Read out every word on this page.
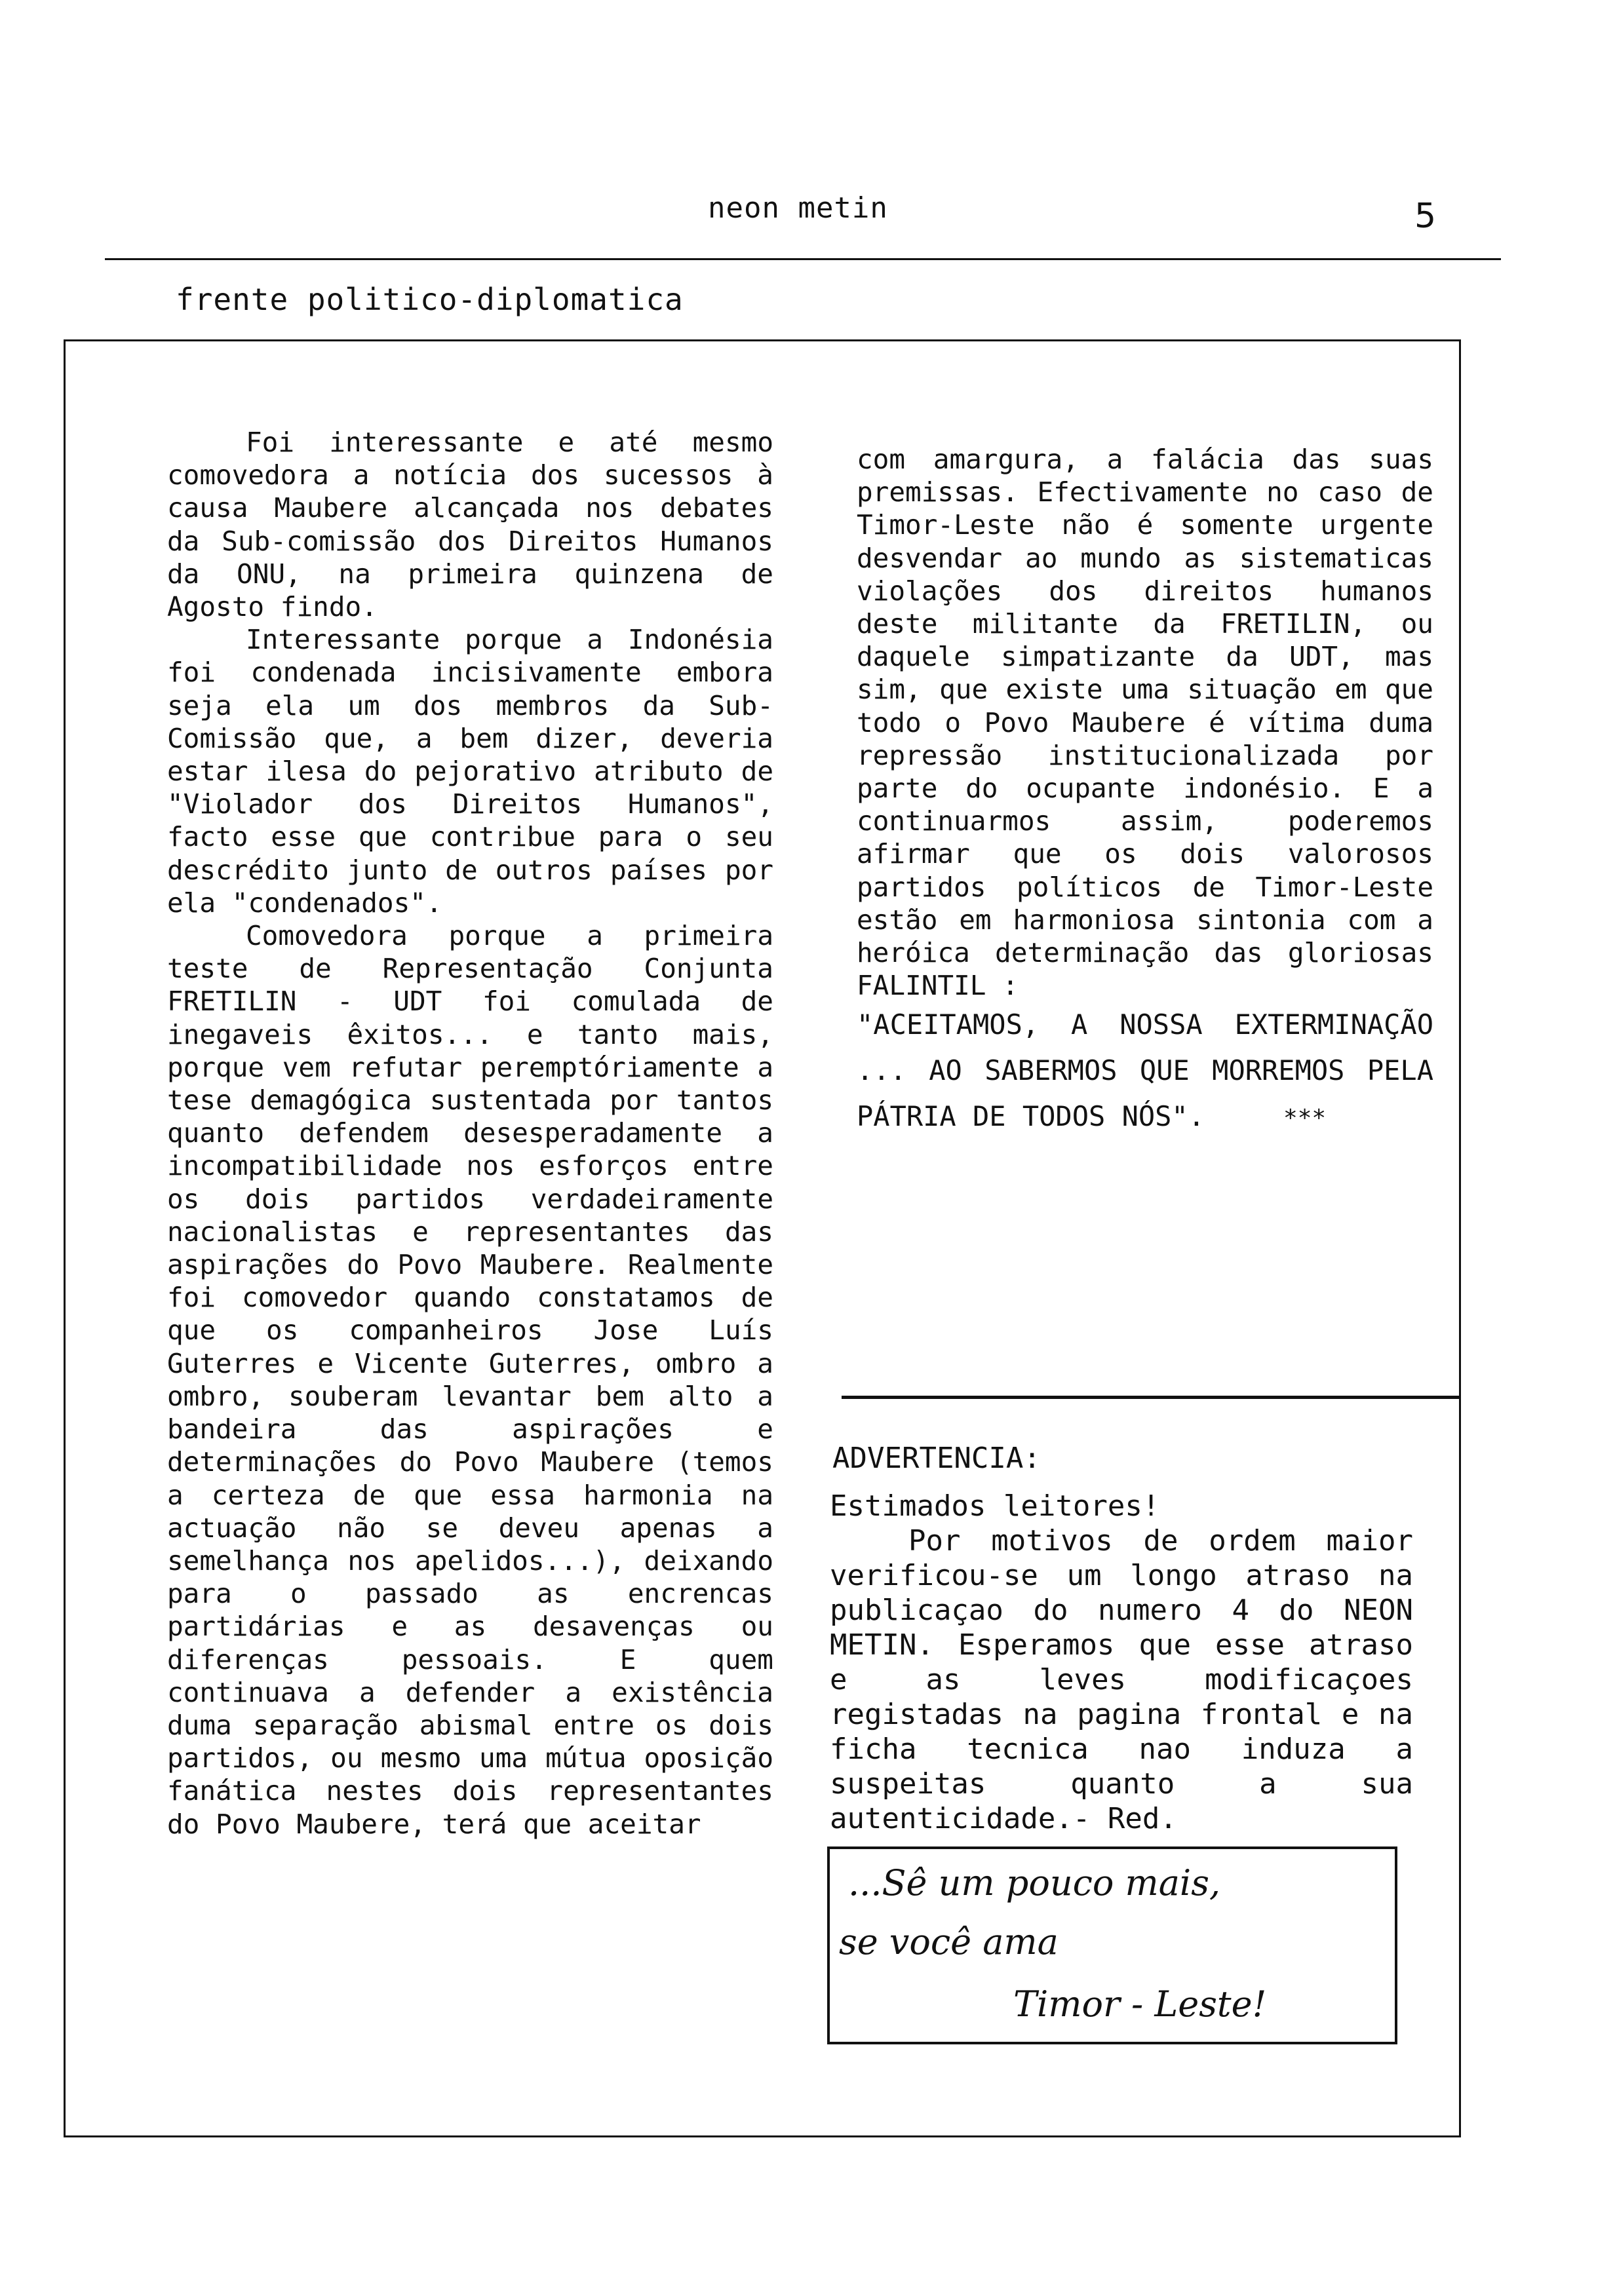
neon metin	5
frente politico-diplomatica

Foi interessante e até mesmo comovedora a notícia dos sucessos à causa Maubere alcançada nos debates da Sub-comissão dos Direitos Humanos da ONU, na primeira quinzena de Agosto findo.

Interessante porque a Indonésia foi condenada incisivamente embora seja ela um dos membros da Sub-Comissão que, a bem dizer, deveria estar ilesa do pejorativo atributo de "Violador dos Direitos Humanos", facto esse que contribue para o seu descrédito junto de outros países por ela "condenados".

Comovedora porque a primeira teste de Representação Conjunta FRETILIN - UDT foi comulada de inegaveis êxitos... e tanto mais, porque vem refutar peremptóriamente a tese demagógica sustentada por tantos quanto defendem desesperadamente a incompatibilidade nos esforços entre os dois partidos verdadeiramente nacionalistas e representantes das aspirações do Povo Maubere. Realmente foi comovedor quando constatamos de que os companheiros Jose Luís Guterres e Vicente Guterres, ombro a ombro, souberam levantar bem alto a bandeira das aspirações e determinações do Povo Maubere (temos a certeza de que essa harmonia na actuação não se deveu apenas a semelhança nos apelidos...), deixando para o passado as encrencas partidárias e as desavenças ou diferenças pessoais. E quem continuava a defender a existência duma separação abismal entre os dois partidos, ou mesmo uma mútua oposição fanática nestes dois representantes do Povo Maubere, terá que aceitar

com amargura, a falácia das suas premissas. Efectivamente no caso de Timor-Leste não é somente urgente desvendar ao mundo as sistematicas violações dos direitos humanos deste militante da FRETILIN, ou daquele simpatizante da UDT, mas sim, que existe uma situação em que todo o Povo Maubere é vítima duma repressão institucionalizada por parte do ocupante indonésio. E a continuarmos assim, poderemos afirmar que os dois valorosos partidos políticos de Timor-Leste estão em harmoniosa sintonia com a heróica determinação das gloriosas FALINTIL :

"ACEITAMOS, A NOSSA EXTERMINAÇÃO ... AO SABERMOS QUE MORREMOS PELA PÁTRIA DE TODOS NÓS".	***

ADVERTENCIA:

Estimados leitores!

Por motivos de ordem maior verificou-se um longo atraso na publicaçao do numero 4 do NEON METIN. Esperamos que esse atraso e as leves modificaçoes registadas na pagina frontal e na ficha tecnica nao induza a suspeitas quanto a sua autenticidade.- Red.

...Sê um pouco mais,
se você ama
Timor - Leste!
